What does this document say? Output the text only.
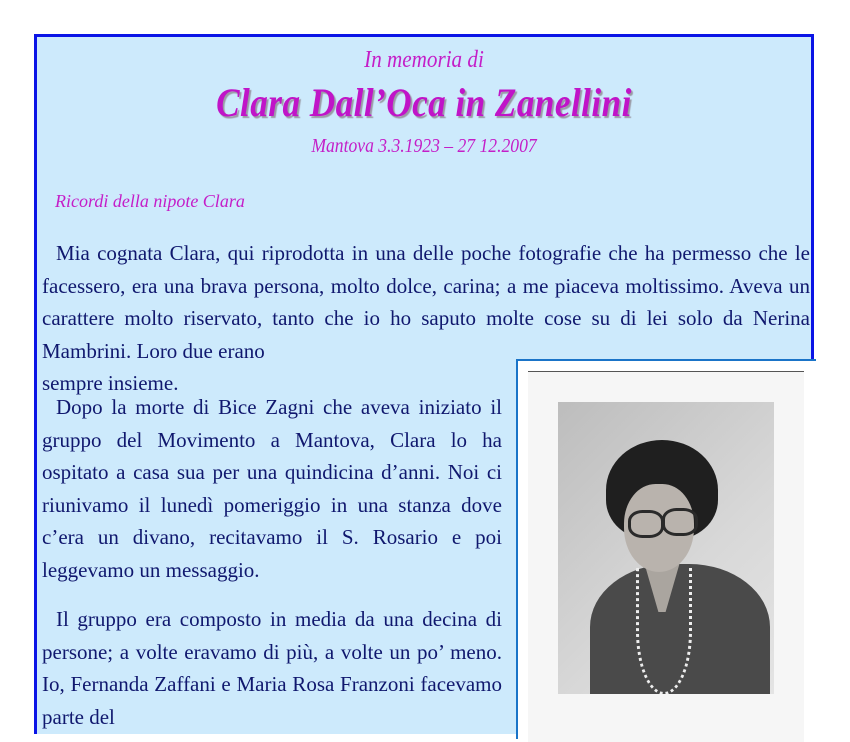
In memoria di
Clara Dall’Oca in Zanellini
Mantova 3.3.1923 – 27 12.2007
Ricordi della nipote Clara
Mia cognata Clara, qui riprodotta in una delle poche fotografie che ha permesso che le facessero, era una brava persona, molto dolce, carina; a me piaceva moltissimo. Aveva un carattere molto riservato, tanto che io ho saputo molte cose su di lei solo da Nerina Mambrini. Loro due erano
sempre insieme.
Dopo la morte di Bice Zagni che aveva iniziato il gruppo del Movimento a Mantova, Clara lo ha ospitato a casa sua per una quindicina d’anni. Noi ci riunivamo il lunedì pomeriggio in una stanza dove c’era un divano, recitavamo il S. Rosario e poi leggevamo un messaggio.
Il gruppo era composto in media da una decina di persone; a volte eravamo di più, a volte un po’ meno. Io, Fernanda Zaffani e Maria Rosa Franzoni facevamo parte del
